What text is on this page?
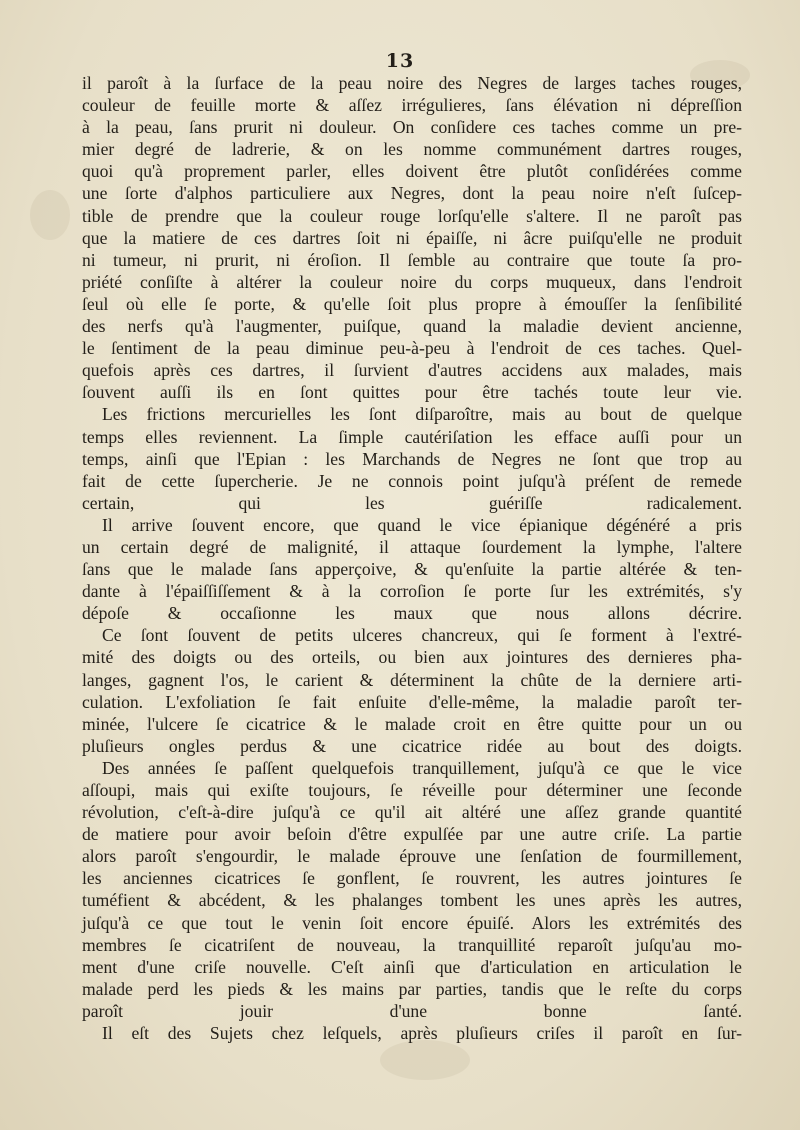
13
il paroît à la ſurface de la peau noire des Negres de larges taches rouges,
couleur de feuille morte & aſſez irrégulieres, ſans élévation ni dépreſſion
à la peau, ſans prurit ni douleur. On conſidere ces taches comme un pre-
mier degré de ladrerie, & on les nomme communément dartres rouges,
quoi qu'à proprement parler, elles doivent être plutôt conſidérées comme
une ſorte d'alphos particuliere aux Negres, dont la peau noire n'eſt ſuſcep-
tible de prendre que la couleur rouge lorſqu'elle s'altere. Il ne paroît pas
que la matiere de ces dartres ſoit ni épaiſſe, ni âcre puiſqu'elle ne produit
ni tumeur, ni prurit, ni éroſion. Il ſemble au contraire que toute ſa pro-
priété conſiſte à altérer la couleur noire du corps muqueux, dans l'endroit
ſeul où elle ſe porte, & qu'elle ſoit plus propre à émouſſer la ſenſibilité
des nerfs qu'à l'augmenter, puiſque, quand la maladie devient ancienne,
le ſentiment de la peau diminue peu-à-peu à l'endroit de ces taches. Quel-
quefois après ces dartres, il ſurvient d'autres accidens aux malades, mais
ſouvent auſſi ils en ſont quittes pour être tachés toute leur vie.
Les frictions mercurielles les ſont diſparoître, mais au bout de quelque
temps elles reviennent. La ſimple cautériſation les efface auſſi pour un
temps, ainſi que l'Epian : les Marchands de Negres ne ſont que trop au
fait de cette ſupercherie. Je ne connois point juſqu'à préſent de remede
certain, qui les guériſſe radicalement.
Il arrive ſouvent encore, que quand le vice épianique dégénéré a pris
un certain degré de malignité, il attaque ſourdement la lymphe, l'altere
ſans que le malade ſans apperçoive, & qu'enſuite la partie altérée & ten-
dante à l'épaiſſiſſement & à la corroſion ſe porte ſur les extrémités, s'y
dépoſe & occaſionne les maux que nous allons décrire.
Ce ſont ſouvent de petits ulceres chancreux, qui ſe forment à l'extré-
mité des doigts ou des orteils, ou bien aux jointures des dernieres pha-
langes, gagnent l'os, le carient & déterminent la chûte de la derniere arti-
culation. L'exfoliation ſe fait enſuite d'elle-même, la maladie paroît ter-
minée, l'ulcere ſe cicatrice & le malade croit en être quitte pour un ou
pluſieurs ongles perdus & une cicatrice ridée au bout des doigts.
Des années ſe paſſent quelquefois tranquillement, juſqu'à ce que le vice
aſſoupi, mais qui exiſte toujours, ſe réveille pour déterminer une ſeconde
révolution, c'eſt-à-dire juſqu'à ce qu'il ait altéré une aſſez grande quantité
de matiere pour avoir beſoin d'être expulſée par une autre criſe. La partie
alors paroît s'engourdir, le malade éprouve une ſenſation de fourmillement,
les anciennes cicatrices ſe gonflent, ſe rouvrent, les autres jointures ſe
tuméfient & abcédent, & les phalanges tombent les unes après les autres,
juſqu'à ce que tout le venin ſoit encore épuiſé. Alors les extrémités des
membres ſe cicatriſent de nouveau, la tranquillité reparoît juſqu'au mo-
ment d'une criſe nouvelle. C'eſt ainſi que d'articulation en articulation le
malade perd les pieds & les mains par parties, tandis que le reſte du corps
paroît jouir d'une bonne ſanté.
Il eſt des Sujets chez leſquels, après pluſieurs criſes il paroît en ſur-
